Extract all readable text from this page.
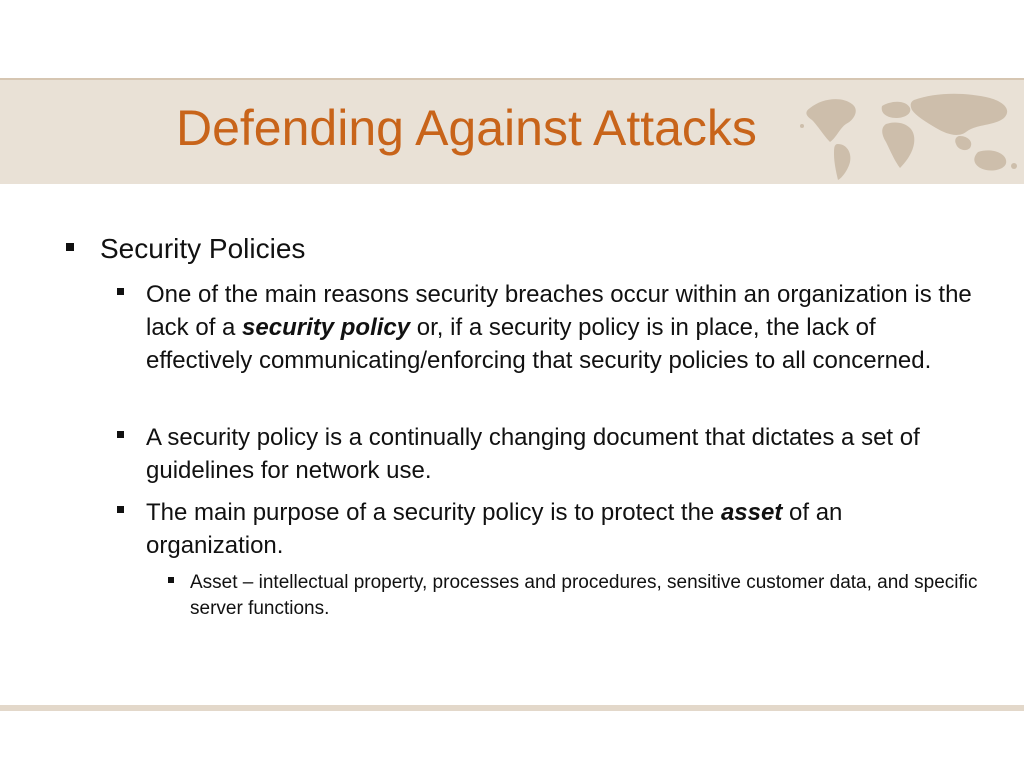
Defending Against Attacks
Security Policies
One of the main reasons security breaches occur within an organization is the lack of a security policy or, if a security policy is in place, the lack of effectively communicating/enforcing that security policies to all concerned.
A security policy is a continually changing document that dictates a set of guidelines for network use.
The main purpose of a security policy is to protect the asset of an organization.
Asset – intellectual property, processes and procedures, sensitive customer data, and specific server functions.
